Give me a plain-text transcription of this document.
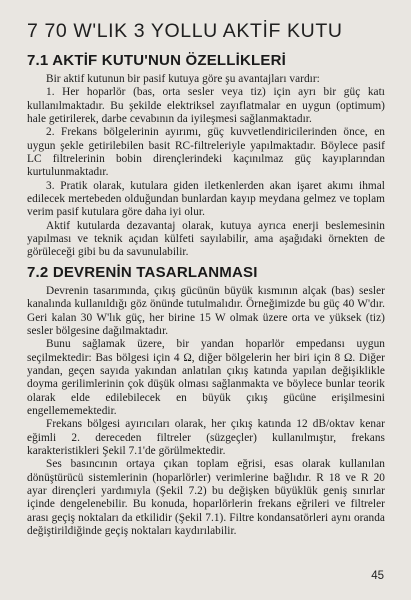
7 70 W'LIK 3 YOLLU AKTİF KUTU
7.1 AKTİF KUTU'NUN ÖZELLİKLERİ

Bir aktif kutunun bir pasif kutuya göre şu avantajları vardır:

1. Her hoparlör (bas, orta sesler veya tiz) için ayrı bir güç katı kullanılmaktadır. Bu şekilde elektriksel zayıflatmalar en uygun (optimum) hale getirilerek, darbe cevabının da iyileşmesi sağlanmaktadır.

2. Frekans bölgelerinin ayırımı, güç kuvvetlendiricilerinden önce, en uygun şekle getirilebilen basit RC-filtreleriyle yapılmaktadır. Böylece pasif LC filtrelerinin bobin dirençlerindeki kaçınılmaz güç kayıplarından kurtulunmaktadır.

3. Pratik olarak, kutulara giden iletkenlerden akan işaret akımı ihmal edilecek mertebeden olduğundan bunlardan kayıp meydana gelmez ve toplam verim pasif kutulara göre daha iyi olur.

Aktif kutularda dezavantaj olarak, kutuya ayrıca enerji beslemesinin yapılması ve teknik açıdan külfeti sayılabilir, ama aşağıdaki örnekten de görüleceği gibi bu da savunulabilir.

7.2 DEVRENİN TASARLANMASI

Devrenin tasarımında, çıkış gücünün büyük kısmının alçak (bas) sesler kanalında kullanıldığı göz önünde tutulmalıdır. Örneğimizde bu güç 40 W'dır. Geri kalan 30 W'lık güç, her birine 15 W olmak üzere orta ve yüksek (tiz) sesler bölgesine dağılmaktadır.

Bunu sağlamak üzere, bir yandan hoparlör empedansı uygun seçilmektedir: Bas bölgesi için 4 Ω, diğer bölgelerin her biri için 8 Ω. Diğer yandan, geçen sayıda yakından anlatılan çıkış katında yapılan değişiklikle doyma gerilimlerinin çok düşük olması sağlanmakta ve böylece bunlar teorik olarak elde edilebilecek en büyük çıkış gücüne erişilmesini engellememektedir.

Frekans bölgesi ayırıcıları olarak, her çıkış katında 12 dB/oktav kenar eğimli 2. dereceden filtreler (süzgeçler) kullanılmıştır, frekans karakteristikleri Şekil 7.1'de görülmektedir.

Ses basıncının ortaya çıkan toplam eğrisi, esas olarak kullanılan dönüştürücü sistemlerinin (hoparlörler) verimlerine bağlıdır. R 18 ve R 20 ayar dirençleri yardımıyla (Şekil 7.2) bu değişken büyüklük geniş sınırlar içinde dengelenebilir. Bu konuda, hoparlörlerin frekans eğrileri ve filtreler arası geçiş noktaları da etkilidir (Şekil 7.1). Filtre kondansatörleri aynı oranda değiştirildiğinde geçiş noktaları kaydırılabilir.

45
